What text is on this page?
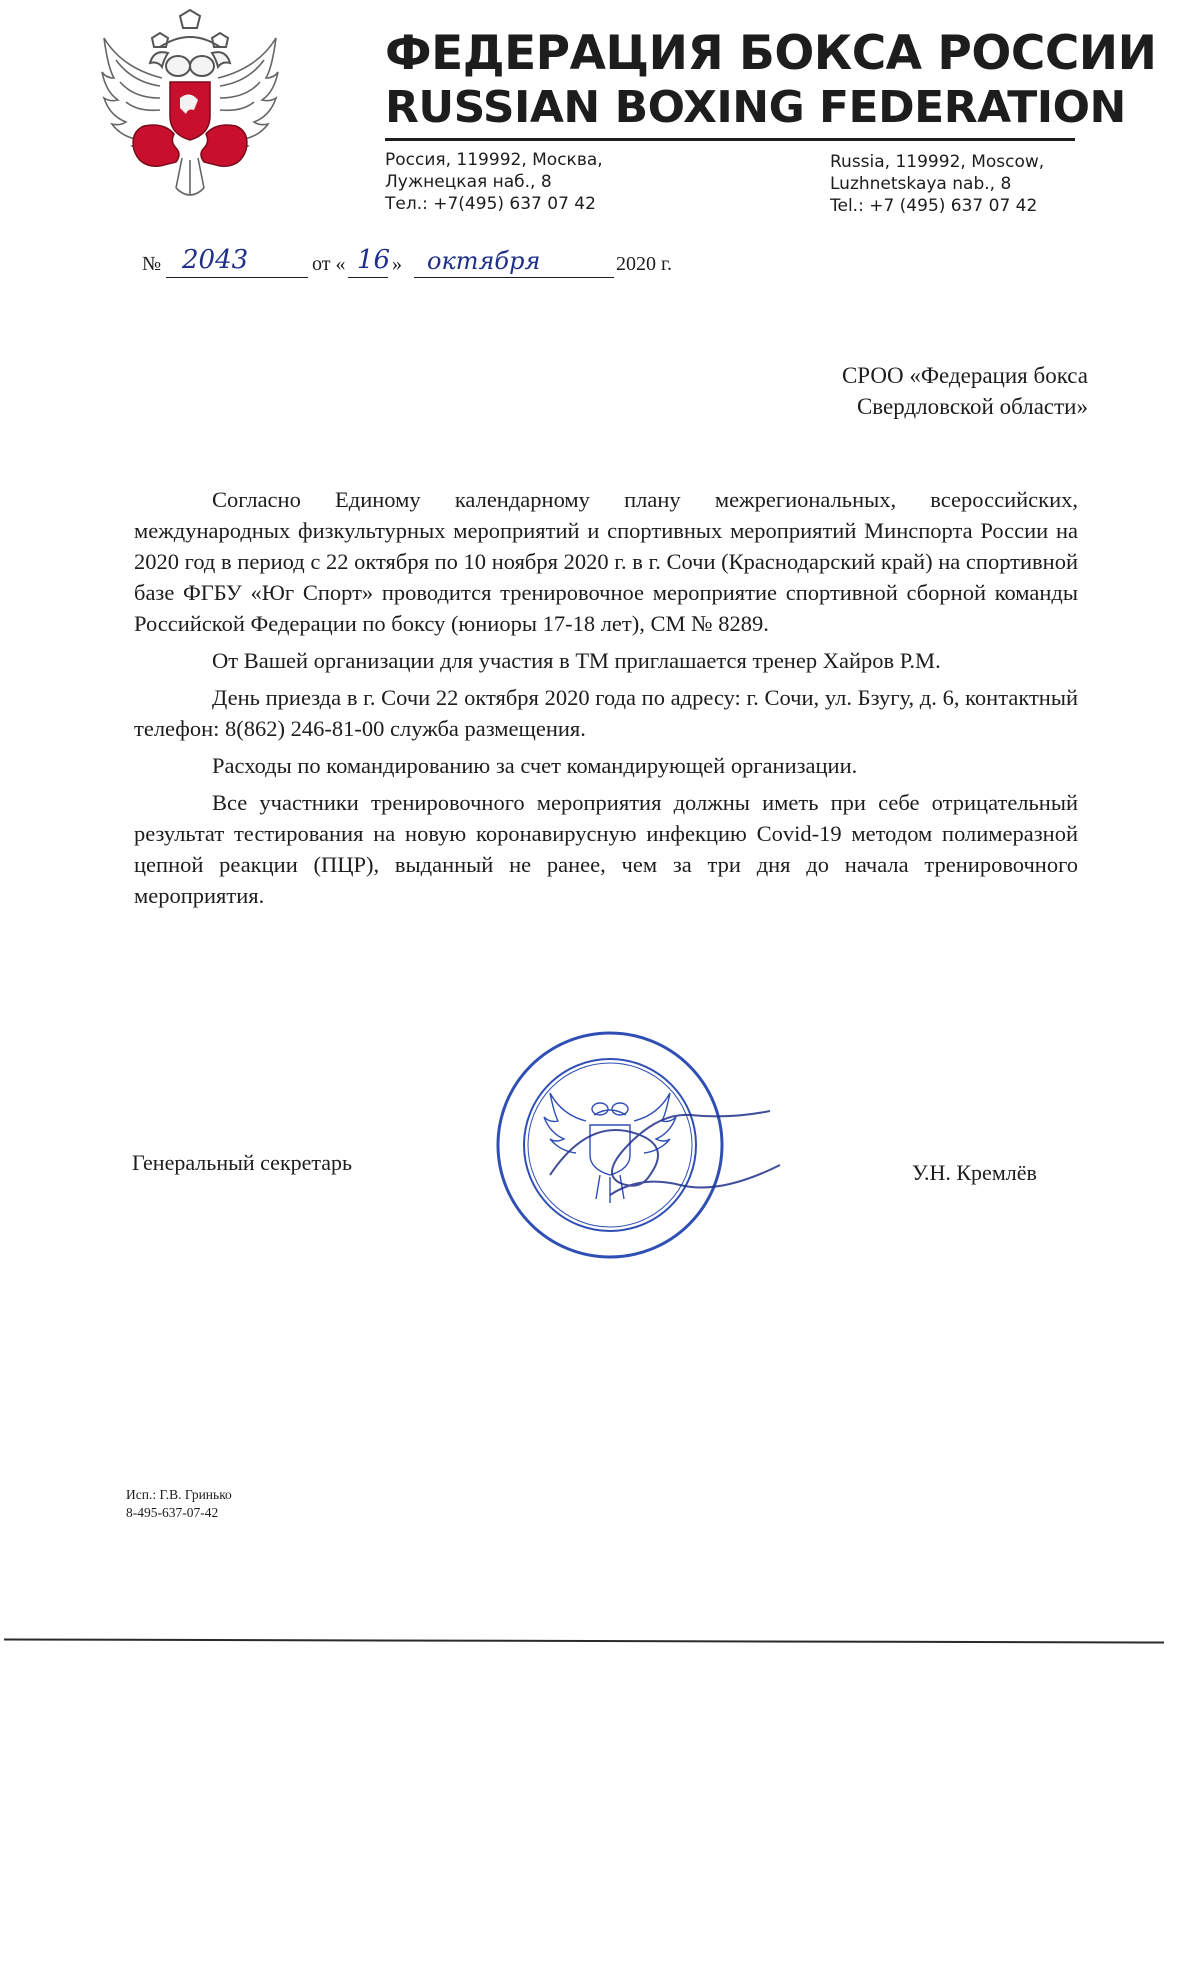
ФЕДЕРАЦИЯ БОКСА РОССИИ
RUSSIAN BOXING FEDERATION
Россия, 119992, Москва,
Лужнецкая наб., 8
Тел.: +7(495) 637 07 42
Russia, 119992, Moscow,
Luzhnetskaya nab., 8
Tel.: +7 (495) 637 07 42
№ 2043	от « 16 » октября	2020 г.
СРОО «Федерация бокса
Свердловской области»

Согласно Единому календарному плану межрегиональных, всероссийских, международных физкультурных мероприятий и спортивных мероприятий Минспорта России на 2020 год в период с 22 октября по 10 ноября 2020 г. в г. Сочи (Краснодарский край) на спортивной базе ФГБУ «Юг Спорт» проводится тренировочное мероприятие спортивной сборной команды Российской Федерации по боксу (юниоры 17-18 лет), СМ № 8289.

От Вашей организации для участия в ТМ приглашается тренер Хайров Р.М.

День приезда в г. Сочи 22 октября 2020 года по адресу: г. Сочи, ул. Бзугу, д. 6, контактный телефон: 8(862) 246-81-00 служба размещения.

Расходы по командированию за счет командирующей организации.

Все участники тренировочного мероприятия должны иметь при себе отрицательный результат тестирования на новую коронавирусную инфекцию Covid-19 методом полимеразной цепной реакции (ПЦР), выданный не ранее, чем за три дня до начала тренировочного мероприятия.

Генеральный секретарь	У.Н. Кремлёв
Исп.: Г.В. Гринько
8-495-637-07-42
